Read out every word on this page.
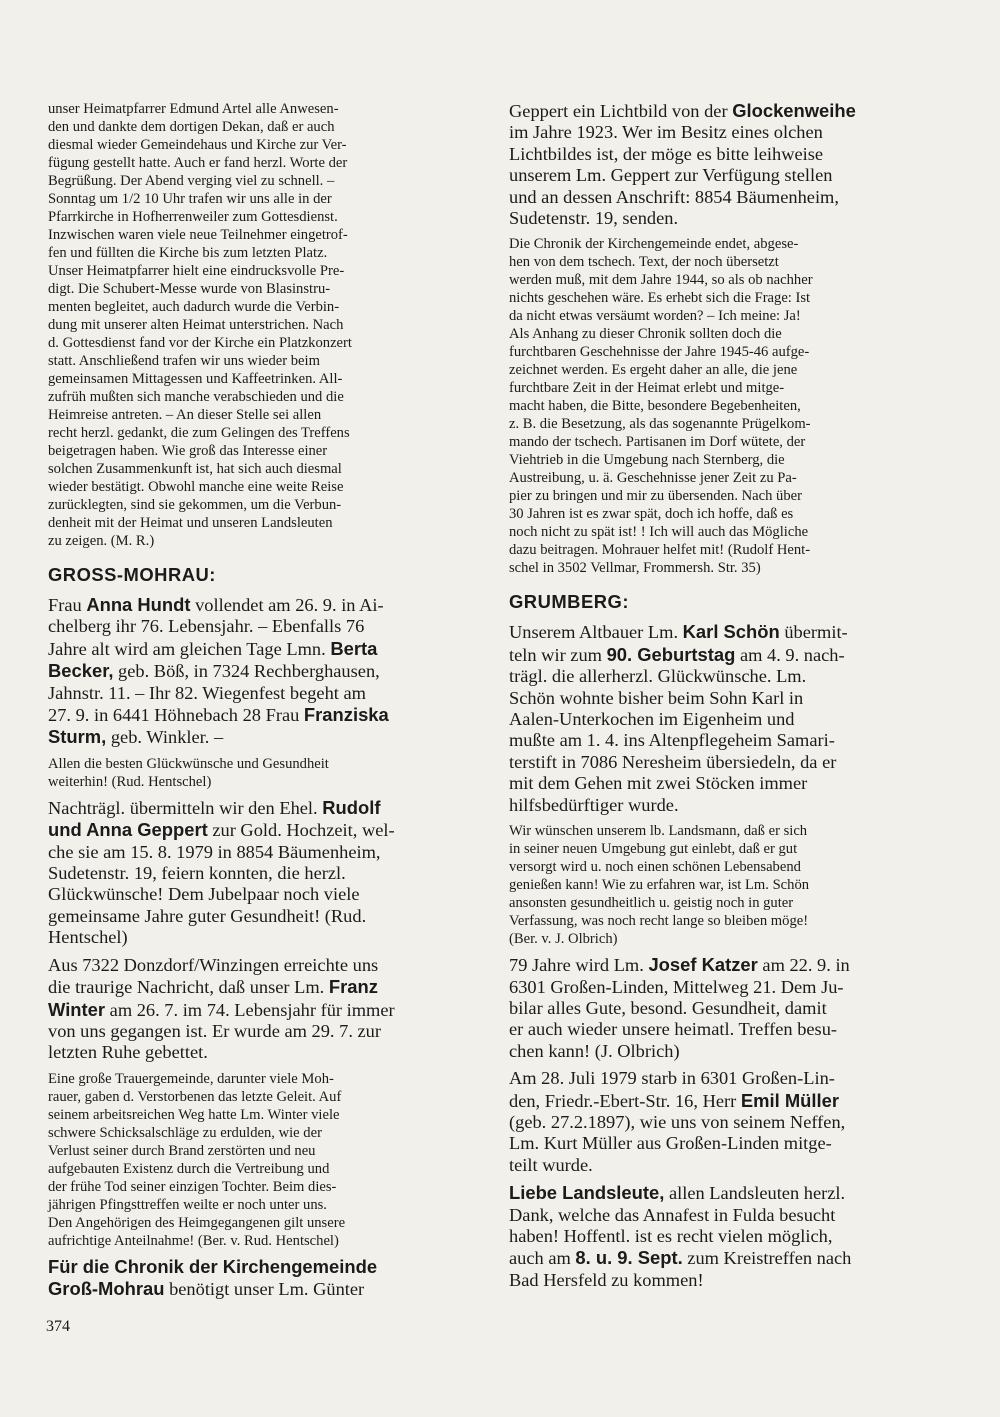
unser Heimatpfarrer Edmund Artel alle Anwesen-
den und dankte dem dortigen Dekan, daß er auch
diesmal wieder Gemeindehaus und Kirche zur Ver-
fügung gestellt hatte. Auch er fand herzl. Worte der
Begrüßung. Der Abend verging viel zu schnell. –
Sonntag um 1/2 10 Uhr trafen wir uns alle in der
Pfarrkirche in Hofherrenweiler zum Gottesdienst.
Inzwischen waren viele neue Teilnehmer eingetrof-
fen und füllten die Kirche bis zum letzten Platz.
Unser Heimatpfarrer hielt eine eindrucksvolle Pre-
digt. Die Schubert-Messe wurde von Blasinstru-
menten begleitet, auch dadurch wurde die Verbin-
dung mit unserer alten Heimat unterstrichen. Nach
d. Gottesdienst fand vor der Kirche ein Platzkonzert
statt. Anschließend trafen wir uns wieder beim
gemeinsamen Mittagessen und Kaffeetrinken. All-
zufrüh mußten sich manche verabschieden und die
Heimreise antreten. – An dieser Stelle sei allen
recht herzl. gedankt, die zum Gelingen des Treffens
beigetragen haben. Wie groß das Interesse einer
solchen Zusammenkunft ist, hat sich auch diesmal
wieder bestätigt. Obwohl manche eine weite Reise
zurücklegten, sind sie gekommen, um die Verbun-
denheit mit der Heimat und unseren Landsleuten
zu zeigen. (M. R.)
GROSS-MOHRAU:
Frau Anna Hundt vollendet am 26. 9. in Ai-
chelberg ihr 76. Lebensjahr. – Ebenfalls 76
Jahre alt wird am gleichen Tage Lmn. Berta
Becker, geb. Böß, in 7324 Rechberghausen,
Jahnstr. 11. – Ihr 82. Wiegenfest begeht am
27. 9. in 6441 Höhnebach 28 Frau Franziska
Sturm, geb. Winkler. –
Allen die besten Glückwünsche und Gesundheit
weiterhin! (Rud. Hentschel)
Nachträgl. übermitteln wir den Ehel. Rudolf
und Anna Geppert zur Gold. Hochzeit, wel-
che sie am 15. 8. 1979 in 8854 Bäumenheim,
Sudetenstr. 19, feiern konnten, die herzl.
Glückwünsche! Dem Jubelpaar noch viele
gemeinsame Jahre guter Gesundheit! (Rud.
Hentschel)
Aus 7322 Donzdorf/Winzingen erreichte uns
die traurige Nachricht, daß unser Lm. Franz
Winter am 26. 7. im 74. Lebensjahr für immer
von uns gegangen ist. Er wurde am 29. 7. zur
letzten Ruhe gebettet.
Eine große Trauergemeinde, darunter viele Moh-
rauer, gaben d. Verstorbenen das letzte Geleit. Auf
seinem arbeitsreichen Weg hatte Lm. Winter viele
schwere Schicksalschläge zu erdulden, wie der
Verlust seiner durch Brand zerstörten und neu
aufgebauten Existenz durch die Vertreibung und
der frühe Tod seiner einzigen Tochter. Beim dies-
jährigen Pfingsttreffen weilte er noch unter uns.
Den Angehörigen des Heimgegangenen gilt unsere
aufrichtige Anteilnahme! (Ber. v. Rud. Hentschel)
Für die Chronik der Kirchengemeinde
Groß-Mohrau benötigt unser Lm. Günter
Geppert ein Lichtbild von der Glockenweihe
im Jahre 1923. Wer im Besitz eines olchen
Lichtbildes ist, der möge es bitte leihweise
unserem Lm. Geppert zur Verfügung stellen
und an dessen Anschrift: 8854 Bäumenheim,
Sudetenstr. 19, senden.
Die Chronik der Kirchengemeinde endet, abgese-
hen von dem tschech. Text, der noch übersetzt
werden muß, mit dem Jahre 1944, so als ob nachher
nichts geschehen wäre. Es erhebt sich die Frage: Ist
da nicht etwas versäumt worden? – Ich meine: Ja!
Als Anhang zu dieser Chronik sollten doch die
furchtbaren Geschehnisse der Jahre 1945-46 aufge-
zeichnet werden. Es ergeht daher an alle, die jene
furchtbare Zeit in der Heimat erlebt und mitge-
macht haben, die Bitte, besondere Begebenheiten,
z. B. die Besetzung, als das sogenannte Prügelkom-
mando der tschech. Partisanen im Dorf wütete, der
Viehtrieb in die Umgebung nach Sternberg, die
Austreibung, u. ä. Geschehnisse jener Zeit zu Pa-
pier zu bringen und mir zu übersenden. Nach über
30 Jahren ist es zwar spät, doch ich hoffe, daß es
noch nicht zu spät ist! ! Ich will auch das Mögliche
dazu beitragen. Mohrauer helfet mit! (Rudolf Hent-
schel in 3502 Vellmar, Frommersh. Str. 35)
GRUMBERG:
Unserem Altbauer Lm. Karl Schön übermit-
teln wir zum 90. Geburtstag am 4. 9. nach-
trägl. die allerherzl. Glückwünsche. Lm.
Schön wohnte bisher beim Sohn Karl in
Aalen-Unterkochen im Eigenheim und
mußte am 1. 4. ins Altenpflegeheim Samari-
terstift in 7086 Neresheim übersiedeln, da er
mit dem Gehen mit zwei Stöcken immer
hilfsbedürftiger wurde.
Wir wünschen unserem lb. Landsmann, daß er sich
in seiner neuen Umgebung gut einlebt, daß er gut
versorgt wird u. noch einen schönen Lebensabend
genießen kann! Wie zu erfahren war, ist Lm. Schön
ansonsten gesundheitlich u. geistig noch in guter
Verfassung, was noch recht lange so bleiben möge!
(Ber. v. J. Olbrich)
79 Jahre wird Lm. Josef Katzer am 22. 9. in
6301 Großen-Linden, Mittelweg 21. Dem Ju-
bilar alles Gute, besond. Gesundheit, damit
er auch wieder unsere heimatl. Treffen besu-
chen kann! (J. Olbrich)
Am 28. Juli 1979 starb in 6301 Großen-Lin-
den, Friedr.-Ebert-Str. 16, Herr Emil Müller
(geb. 27.2.1897), wie uns von seinem Neffen,
Lm. Kurt Müller aus Großen-Linden mitge-
teilt wurde.
Liebe Landsleute, allen Landsleuten herzl.
Dank, welche das Annafest in Fulda besucht
haben! Hoffentl. ist es recht vielen möglich,
auch am 8. u. 9. Sept. zum Kreistreffen nach
Bad Hersfeld zu kommen!
374
